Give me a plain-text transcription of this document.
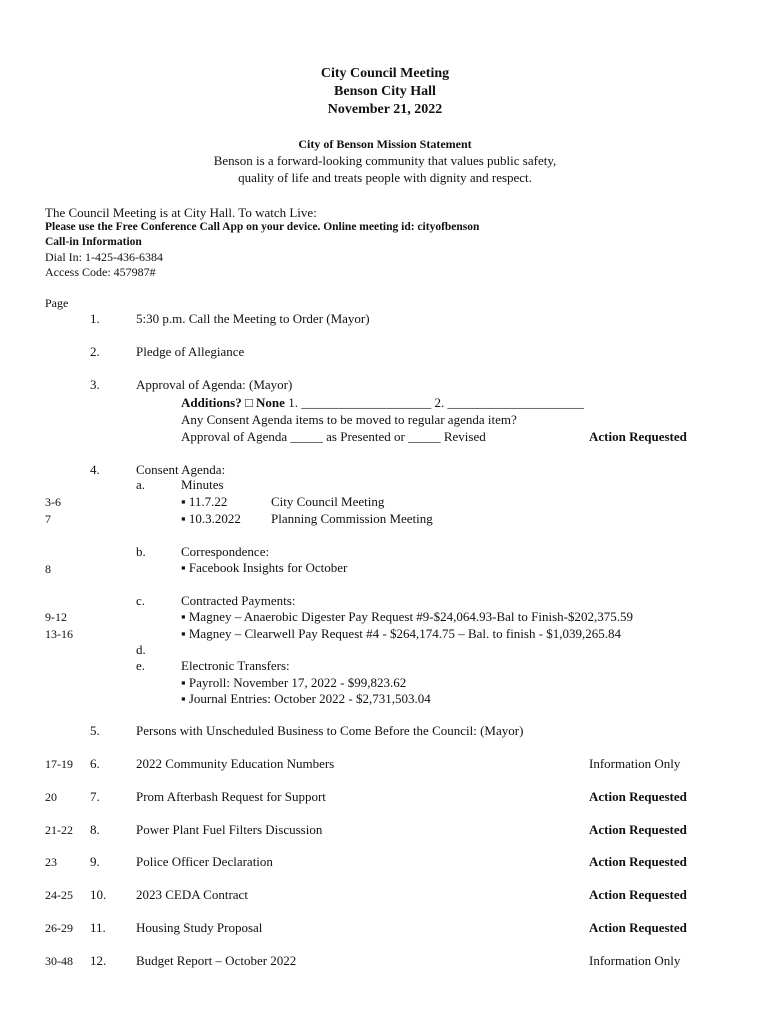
City Council Meeting
Benson City Hall
November 21, 2022
City of Benson Mission Statement
Benson is a forward-looking community that values public safety,
quality of life and treats people with dignity and respect.
The Council Meeting is at City Hall. To watch Live:
Please use the Free Conference Call App on your device. Online meeting id: cityofbenson
Call-in Information
Dial In: 1-425-436-6384
Access Code: 457987#
Page
1.	5:30 p.m. Call the Meeting to Order (Mayor)
2.	Pledge of Allegiance
3.	Approval of Agenda: (Mayor)
Additions? □ None 1. ____________________ 2. _____________________
Any Consent Agenda items to be moved to regular agenda item?
Approval of Agenda _____ as Presented or _____ Revised	Action Requested
4.	Consent Agenda:
a.	Minutes
3-6	▪ 11.7.22	City Council Meeting
7	▪ 10.3.2022 Planning Commission Meeting
b.	Correspondence:
8	▪ Facebook Insights for October
c.	Contracted Payments:
9-12	▪ Magney – Anaerobic Digester Pay Request #9-$24,064.93-Bal to Finish-$202,375.59
13-16	▪ Magney – Clearwell Pay Request #4 - $264,174.75 – Bal. to finish - $1,039,265.84
d.
e.	Electronic Transfers:
▪ Payroll: November 17, 2022 - $99,823.62
▪ Journal Entries: October 2022 - $2,731,503.04
5.	Persons with Unscheduled Business to Come Before the Council: (Mayor)
17-19 6.	2022 Community Education Numbers	Information Only
20	7.	Prom Afterbash Request for Support	Action Requested
21-22 8.	Power Plant Fuel Filters Discussion	Action Requested
23	9.	Police Officer Declaration	Action Requested
24-25 10. 2023 CEDA Contract	Action Requested
26-29 11. Housing Study Proposal	Action Requested
30-48 12. Budget Report – October 2022	Information Only
